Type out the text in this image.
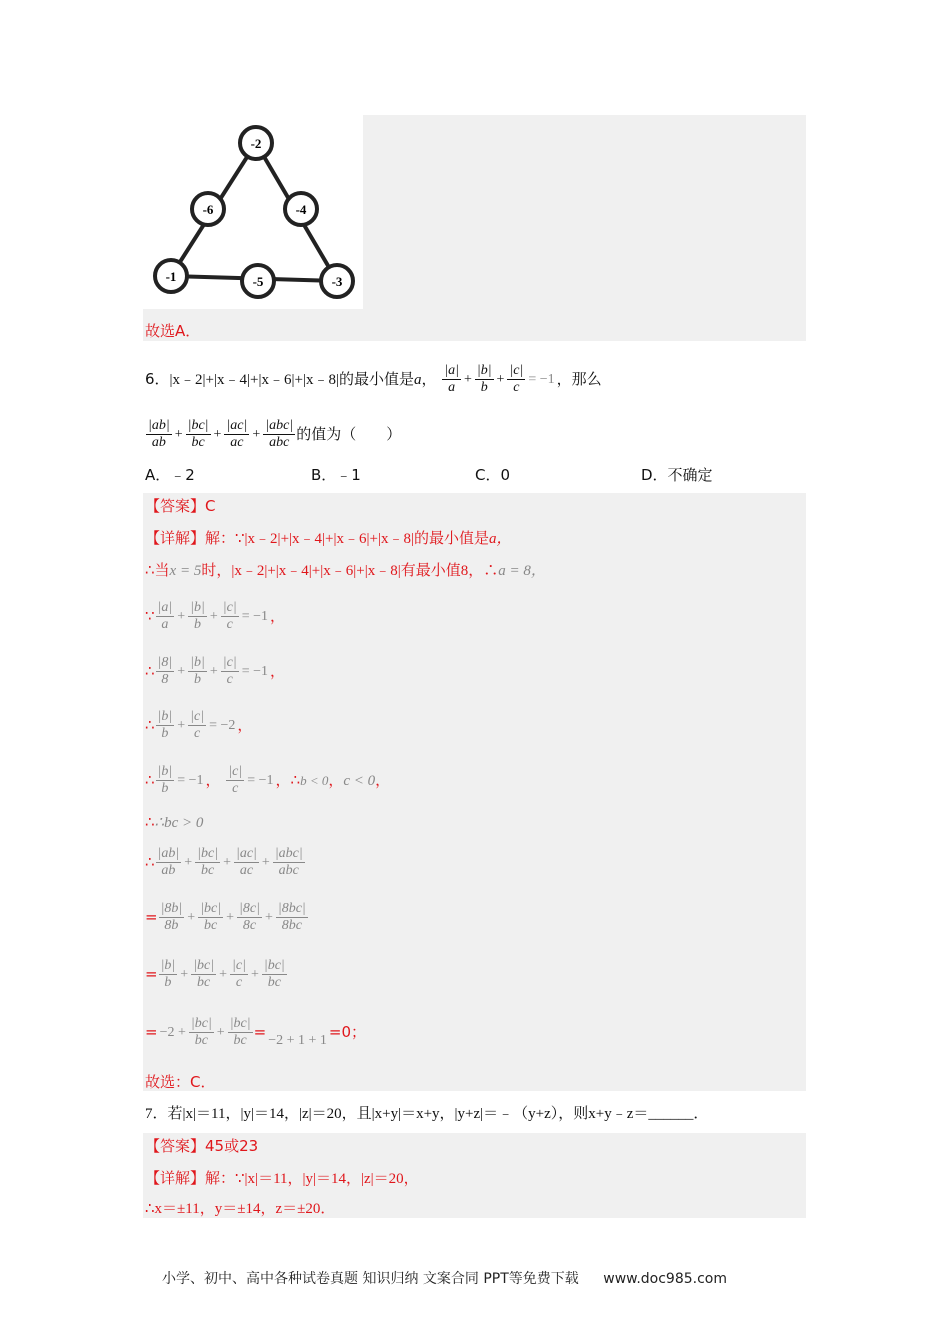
-2
-6	-4
-1	-5	-3
故选A．
6．|x﹣2|+|x﹣4|+|x﹣6|+|x﹣8|的最小值是a， $\frac{|a|}{a} + \frac{|b|}{b} + \frac{|c|}{c} = -1$ ，那么
$\frac{|ab|}{ab} + \frac{|bc|}{bc} + \frac{|ac|}{ac} + \frac{\text{|abc|}}{\text{abc}}$ 的值为（　　）
A．﹣2	B．﹣1	C．0	D．不确定
【答案】C
【详解】解：∵|x﹣2|+|x﹣4|+|x﹣6|+|x﹣8|的最小值是a，
∴当x = 5时，|x﹣2|+|x﹣4|+|x﹣6|+|x﹣8|有最小值8，∴a = 8，
∵ $\frac{|a|}{a} + \frac{|b|}{b} + \frac{|c|}{c} = -1$ ，
∴ $\frac{|8|}{8} + \frac{|b|}{b} + \frac{|c|}{c} = -1$ ，
∴ $\frac{|b|}{b} + \frac{|c|}{c} = -2$ ，
∴ $\frac{|b|}{b} = -1$ ， $\frac{|c|}{c} = -1$ ，∴b < 0，c < 0，
∴∴bc > 0
∴ $\frac{|ab|}{ab} + \frac{|bc|}{bc} + \frac{|ac|}{ac} + \frac{\text{|abc|}}{\text{abc}}$
= $\frac{|8b|}{8b} + \frac{|bc|}{bc} + \frac{|8c|}{8c} + \frac{|8bc|}{8bc}$
= $\frac{|b|}{b} + \frac{|bc|}{bc} + \frac{|c|}{c} + \frac{|bc|}{bc}$
= $-2 + \frac{|bc|}{bc} + \frac{|bc|}{bc} = -2 + 1 + 1 =0$；
故选：C．
7．若|x|＝11，|y|＝14，|z|＝20，且|x+y|＝x+y，|y+z|＝﹣（y+z），则x+y﹣z＝______．
【答案】45或23
【详解】解：∵|x|＝11，|y|＝14，|z|＝20，
∴x＝±11，y＝±14，z＝±20．
小学、初中、高中各种试卷真题 知识归纳 文案合同 PPT等免费下载 www.doc985.com
